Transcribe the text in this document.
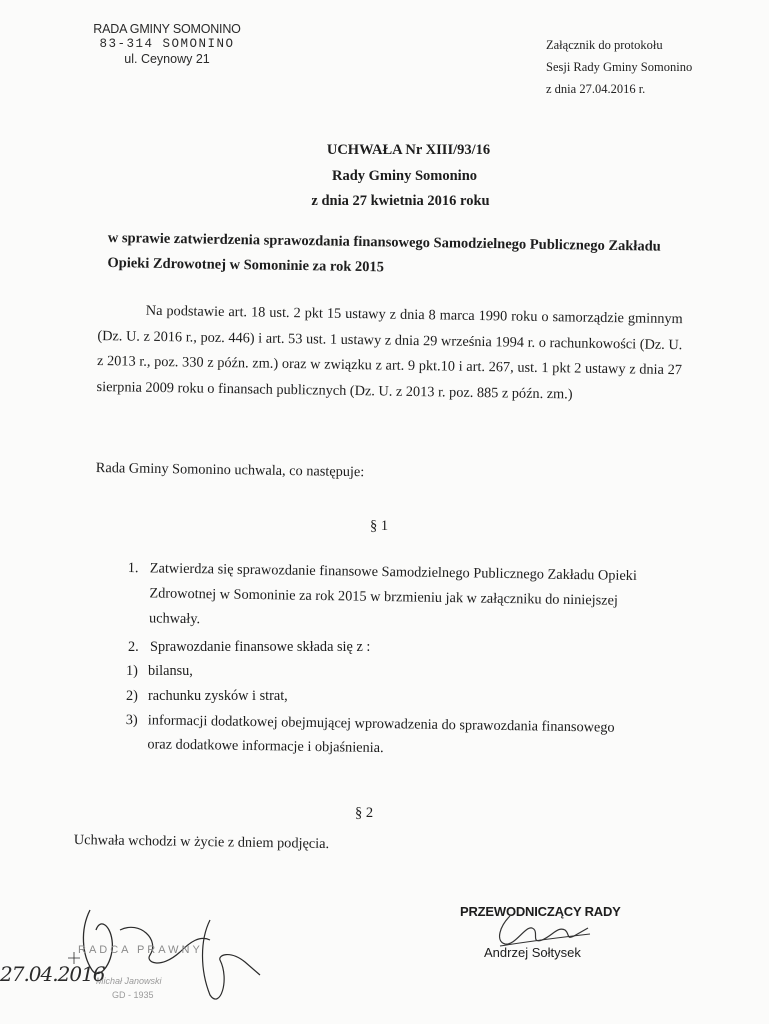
RADA GMINY SOMONINO
83-314 SOMONINO
ul. Ceynowy 21
Załącznik do protokołu
Sesji Rady Gminy Somonino
z dnia 27.04.2016 r.
UCHWAŁA Nr XIII/93/16
Rady Gminy Somonino
z dnia 27 kwietnia 2016 roku
w sprawie zatwierdzenia sprawozdania finansowego Samodzielnego Publicznego Zakładu Opieki Zdrowotnej w Somoninie za rok 2015

Na podstawie art. 18 ust. 2 pkt 15 ustawy z dnia 8 marca 1990 roku o samorządzie gminnym (Dz. U. z 2016 r., poz. 446) i art. 53 ust. 1 ustawy z dnia 29 września 1994 r. o rachunkowości (Dz. U. z 2013 r., poz. 330 z późn. zm.) oraz w związku z art. 9 pkt.10 i art. 267, ust. 1 pkt 2 ustawy z dnia 27 sierpnia 2009 roku o finansach publicznych (Dz. U. z 2013 r. poz. 885 z późn. zm.)

Rada Gminy Somonino uchwala, co następuje:
§ 1
1. Zatwierdza się sprawozdanie finansowe Samodzielnego Publicznego Zakładu Opieki
Zdrowotnej w Somoninie za rok 2015 w brzmieniu jak w załączniku do niniejszej
uchwały.
2. Sprawozdanie finansowe składa się z :
1) bilansu,
2) rachunku zysków i strat,
3) informacji dodatkowej obejmującej wprowadzenia do sprawozdania finansowego
oraz dodatkowe informacje i objaśnienia.
§ 2
Uchwała wchodzi w życie z dniem podjęcia.
PRZEWODNICZĄCY RADY
Andrzej Sołtysek
RADCA PRAWNY
Michał Janowski
GD - 1935
27.04.2016
